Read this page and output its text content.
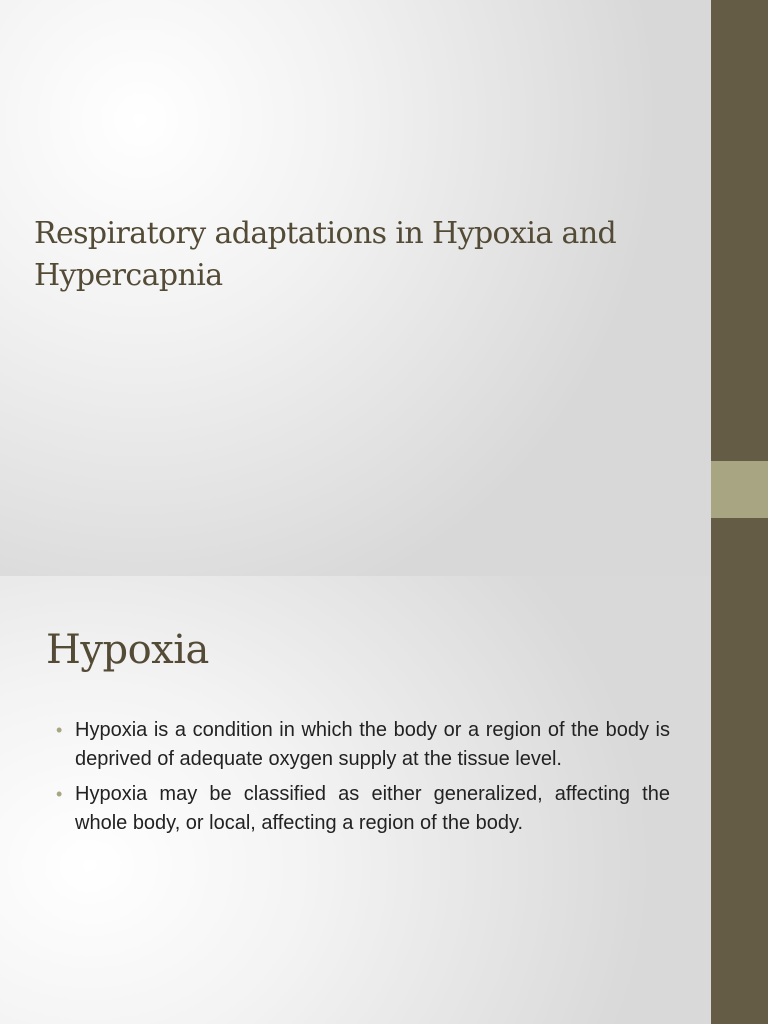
Respiratory adaptations in Hypoxia and Hypercapnia
Hypoxia
• Hypoxia is a condition in which the body or a region of the body is deprived of adequate oxygen supply at the tissue level.
• Hypoxia may be classified as either generalized, affecting the whole body, or local, affecting a region of the body.
